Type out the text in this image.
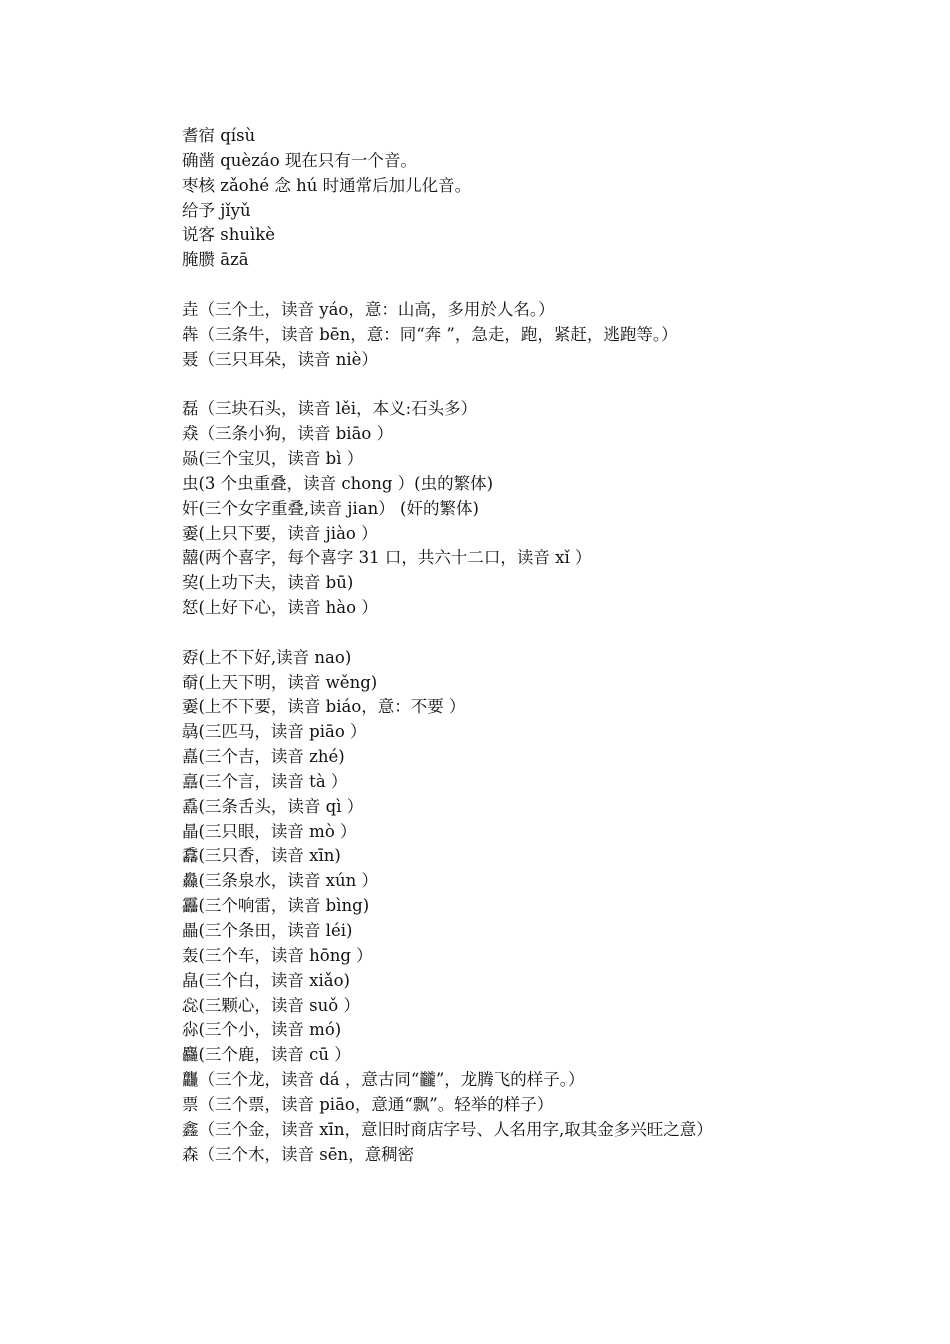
耆宿 qísù
确凿 quèzáo 现在只有一个音。
枣核 zǎohé 念 hú 时通常后加儿化音。
给予 jǐyǔ
说客 shuìkè
腌臜 āzā
垚（三个土，读音 yáo，意：山高，多用於人名。）
犇（三条牛，读音 bēn，意：同“奔 ”，急走，跑，紧赶，逃跑等。）
聂（三只耳朵，读音 niè）
磊（三块石头，读音 lěi，本义:石头多）
猋（三条小狗，读音 biāo ）
赑(三个宝贝，读音 bì ）
虫(3 个虫重叠，读音 chong ）(虫的繁体)
奸(三个女字重叠,读音 jian） (奸的繁体)
嫑(上只下要，读音 jiào ）
囍(两个喜字，每个喜字 31 口，共六十二口，读音 xǐ ）
巭(上功下夫，读音 bū)
恏(上好下心，读音 hào ）
孬(上不下好,读音 nao)
奣(上天下明，读音 wěng)
嫑(上不下要，读音 biáo，意：不要 ）
骉(三匹马，读音 piāo ）
嚞(三个吉，读音 zhé)
譶(三个言，读音 tà ）
舙(三条舌头，读音 qì ）
瞐(三只眼，读音 mò ）
馫(三只香，读音 xīn)
灥(三条泉水，读音 xún ）
靐(三个响雷，读音 bìng)
畾(三个条田，读音 léi)
轰(三个车，读音 hōng ）
皛(三个白，读音 xiǎo)
惢(三颗心，读音 suǒ ）
尛(三个小，读音 mó)
麤(三个鹿，读音 cū ）
龘（三个龙，读音 dá ，意古同“龖”，龙腾飞的样子。）
票（三个票，读音 piāo，意通“飘”。轻举的样子）
鑫（三个金，读音 xīn，意旧时商店字号、人名用字,取其金多兴旺之意）
森（三个木，读音 sēn，意稠密
